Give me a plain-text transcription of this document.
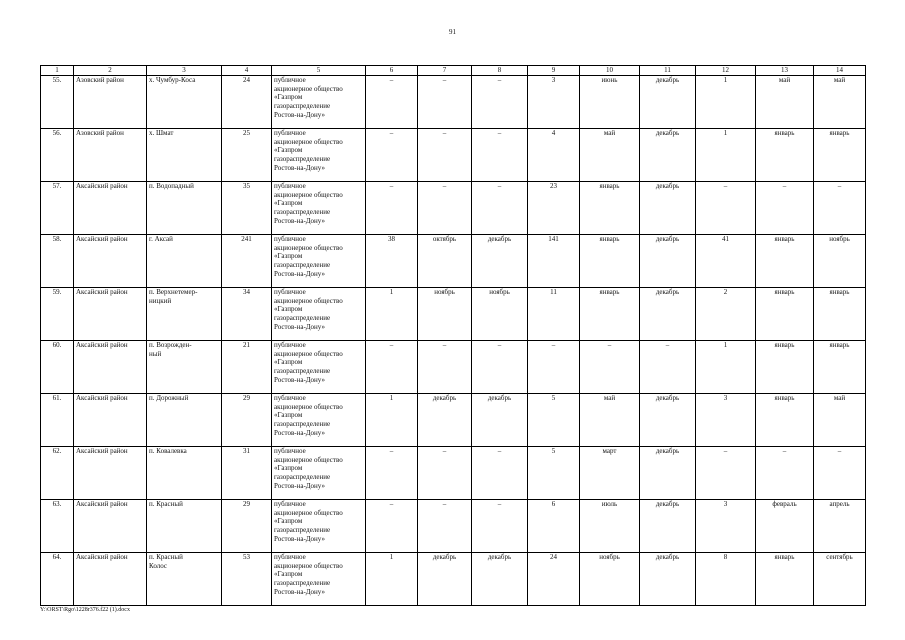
91
1	2	3	4	5	6	7	8	9	10	11	12	13	14
55.	Азовский район	х. Чумбур-Коса	24	публичное
акционерное общество
«Газпром
газораспределение
Ростов-на-Дону»	–	–	–	3	июнь	декабрь	1	май	май
56.	Азовский район	х. Шмат	25	публичное
акционерное общество
«Газпром
газораспределение
Ростов-на-Дону»	–	–	–	4	май	декабрь	1	январь	январь
57.	Аксайский район	п. Водопадный	35	публичное
акционерное общество
«Газпром
газораспределение
Ростов-на-Дону»	–	–	–	23	январь	декабрь	–	–	–
58.	Аксайский район	г. Аксай	241	публичное
акционерное общество
«Газпром
газораспределение
Ростов-на-Дону»	38	октябрь	декабрь	141	январь	декабрь	41	январь	ноябрь
59.	Аксайский район	п. Верхнетемер-
ницкий	34	публичное
акционерное общество
«Газпром
газораспределение
Ростов-на-Дону»	1	ноябрь	ноябрь	11	январь	декабрь	2	январь	январь
60.	Аксайский район	п. Возрожден-
ный	21	публичное
акционерное общество
«Газпром
газораспределение
Ростов-на-Дону»	–	–	–	–	–	–	1	январь	январь
61.	Аксайский район	п. Дорожный	29	публичное
акционерное общество
«Газпром
газораспределение
Ростов-на-Дону»	1	декабрь	декабрь	5	май	декабрь	3	январь	май
62.	Аксайский район	п. Ковалевка	31	публичное
акционерное общество
«Газпром
газораспределение
Ростов-на-Дону»	–	–	–	5	март	декабрь	–	–	–
63.	Аксайский район	п. Красный	29	публичное
акционерное общество
«Газпром
газораспределение
Ростов-на-Дону»	–	–	–	6	июль	декабрь	3	февраль	апрель
64.	Аксайский район	п. Красный
Колос	53	публичное
акционерное общество
«Газпром
газораспределение
Ростов-на-Дону»	1	декабрь	декабрь	24	ноябрь	декабрь	8	январь	сентябрь
Y:\ORST\Rgo\1228r376.f22 (1).docx
